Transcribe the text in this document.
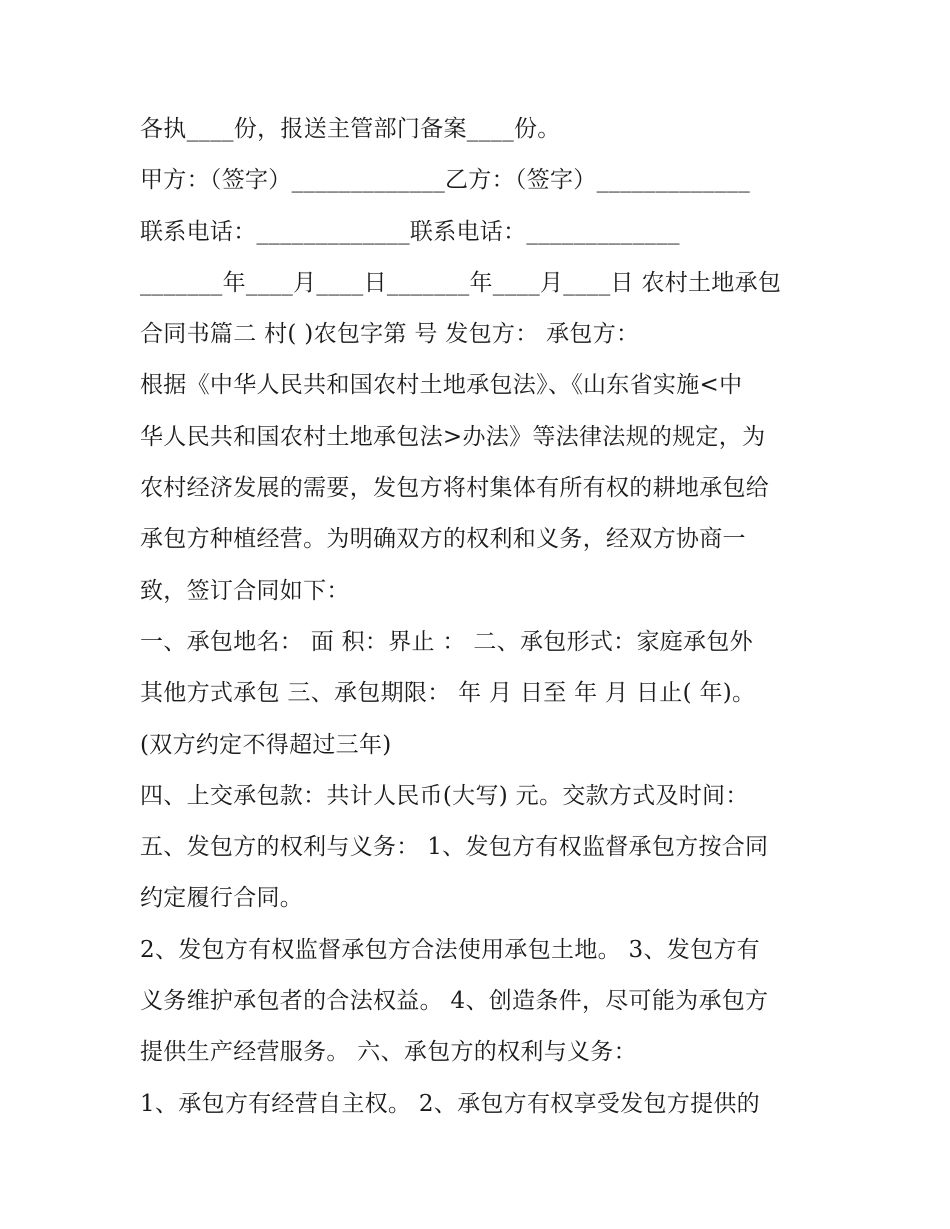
各执____份，报送主管部门备案____份。
甲方：（签字）_____________乙方：（签字）_____________
联系电话：_____________联系电话：_____________
_______年____月____日_______年____月____日 农村土地承包
合同书篇二 村( )农包字第 号 发包方： 承包方：
根据《中华人民共和国农村土地承包法》、《山东省实施<中
华人民共和国农村土地承包法>办法》等法律法规的规定，为
农村经济发展的需要，发包方将村集体有所有权的耕地承包给
承包方种植经营。为明确双方的权利和义务，经双方协商一
致，签订合同如下：
一、承包地名： 面 积：界止 ： 二、承包形式：家庭承包外
其他方式承包 三、承包期限： 年 月 日至 年 月 日止( 年)。
(双方约定不得超过三年)
四、上交承包款：共计人民币(大写) 元。交款方式及时间：
五、发包方的权利与义务： 1、发包方有权监督承包方按合同
约定履行合同。
2、发包方有权监督承包方合法使用承包土地。 3、发包方有
义务维护承包者的合法权益。 4、创造条件，尽可能为承包方
提供生产经营服务。 六、承包方的权利与义务：
1、承包方有经营自主权。 2、承包方有权享受发包方提供的
